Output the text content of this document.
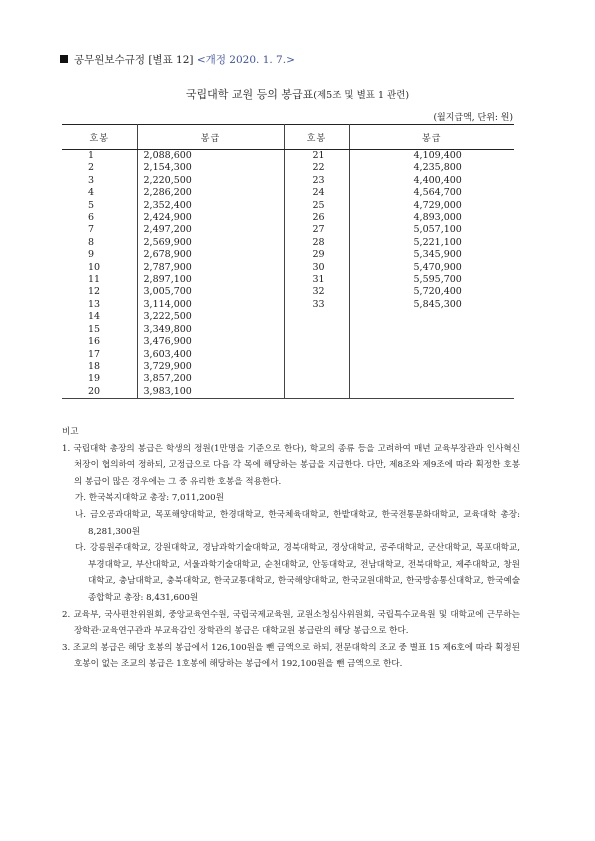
공무원보수규정 [별표 12] <개정 2020. 1. 7.>
국립대학 교원 등의 봉급표(제5조 및 별표 1 관련)
(월지급액, 단위: 원)
호봉	봉급	호봉	봉급
1	2,088,600	21	4,109,400
2	2,154,300	22	4,235,800
3	2,220,500	23	4,400,400
4	2,286,200	24	4,564,700
5	2,352,400	25	4,729,000
6	2,424,900	26	4,893,000
7	2,497,200	27	5,057,100
8	2,569,900	28	5,221,100
9	2,678,900	29	5,345,900
10	2,787,900	30	5,470,900
11	2,897,100	31	5,595,700
12	3,005,700	32	5,720,400
13	3,114,000	33	5,845,300
14	3,222,500		
15	3,349,800		
16	3,476,900		
17	3,603,400		
18	3,729,900		
19	3,857,200		
20	3,983,100		

비고

1. 국립대학 총장의 봉급은 학생의 정원(1만명을 기준으로 한다), 학교의 종류 등을 고려하여 매년 교육부장관과 인사혁신처장이 협의하여 정하되, 고정급으로 다음 각 목에 해당하는 봉급을 지급한다. 다만, 제8조와 제9조에 따라 획정한 호봉의 봉급이 많은 경우에는 그 중 유리한 호봉을 적용한다.

가. 한국복지대학교 총장: 7,011,200원

나. 금오공과대학교, 목포해양대학교, 한경대학교, 한국체육대학교, 한밭대학교, 한국전통문화대학교, 교육대학 총장: 8,281,300원

다. 강릉원주대학교, 강원대학교, 경남과학기술대학교, 경북대학교, 경상대학교, 공주대학교, 군산대학교, 목포대학교, 부경대학교, 부산대학교, 서울과학기술대학교, 순천대학교, 안동대학교, 전남대학교, 전북대학교, 제주대학교, 창원대학교, 충남대학교, 충북대학교, 한국교통대학교, 한국해양대학교, 한국교원대학교, 한국방송통신대학교, 한국예술종합학교 총장: 8,431,600원

2. 교육부, 국사편찬위원회, 중앙교육연수원, 국립국제교육원, 교원소청심사위원회, 국립특수교육원 및 대학교에 근무하는 장학관·교육연구관과 부교육감인 장학관의 봉급은 대학교원 봉급란의 해당 봉급으로 한다.

3. 조교의 봉급은 해당 호봉의 봉급에서 126,100원을 뺀 금액으로 하되, 전문대학의 조교 중 별표 15 제6호에 따라 획정된 호봉이 없는 조교의 봉급은 1호봉에 해당하는 봉급에서 192,100원을 뺀 금액으로 한다.
